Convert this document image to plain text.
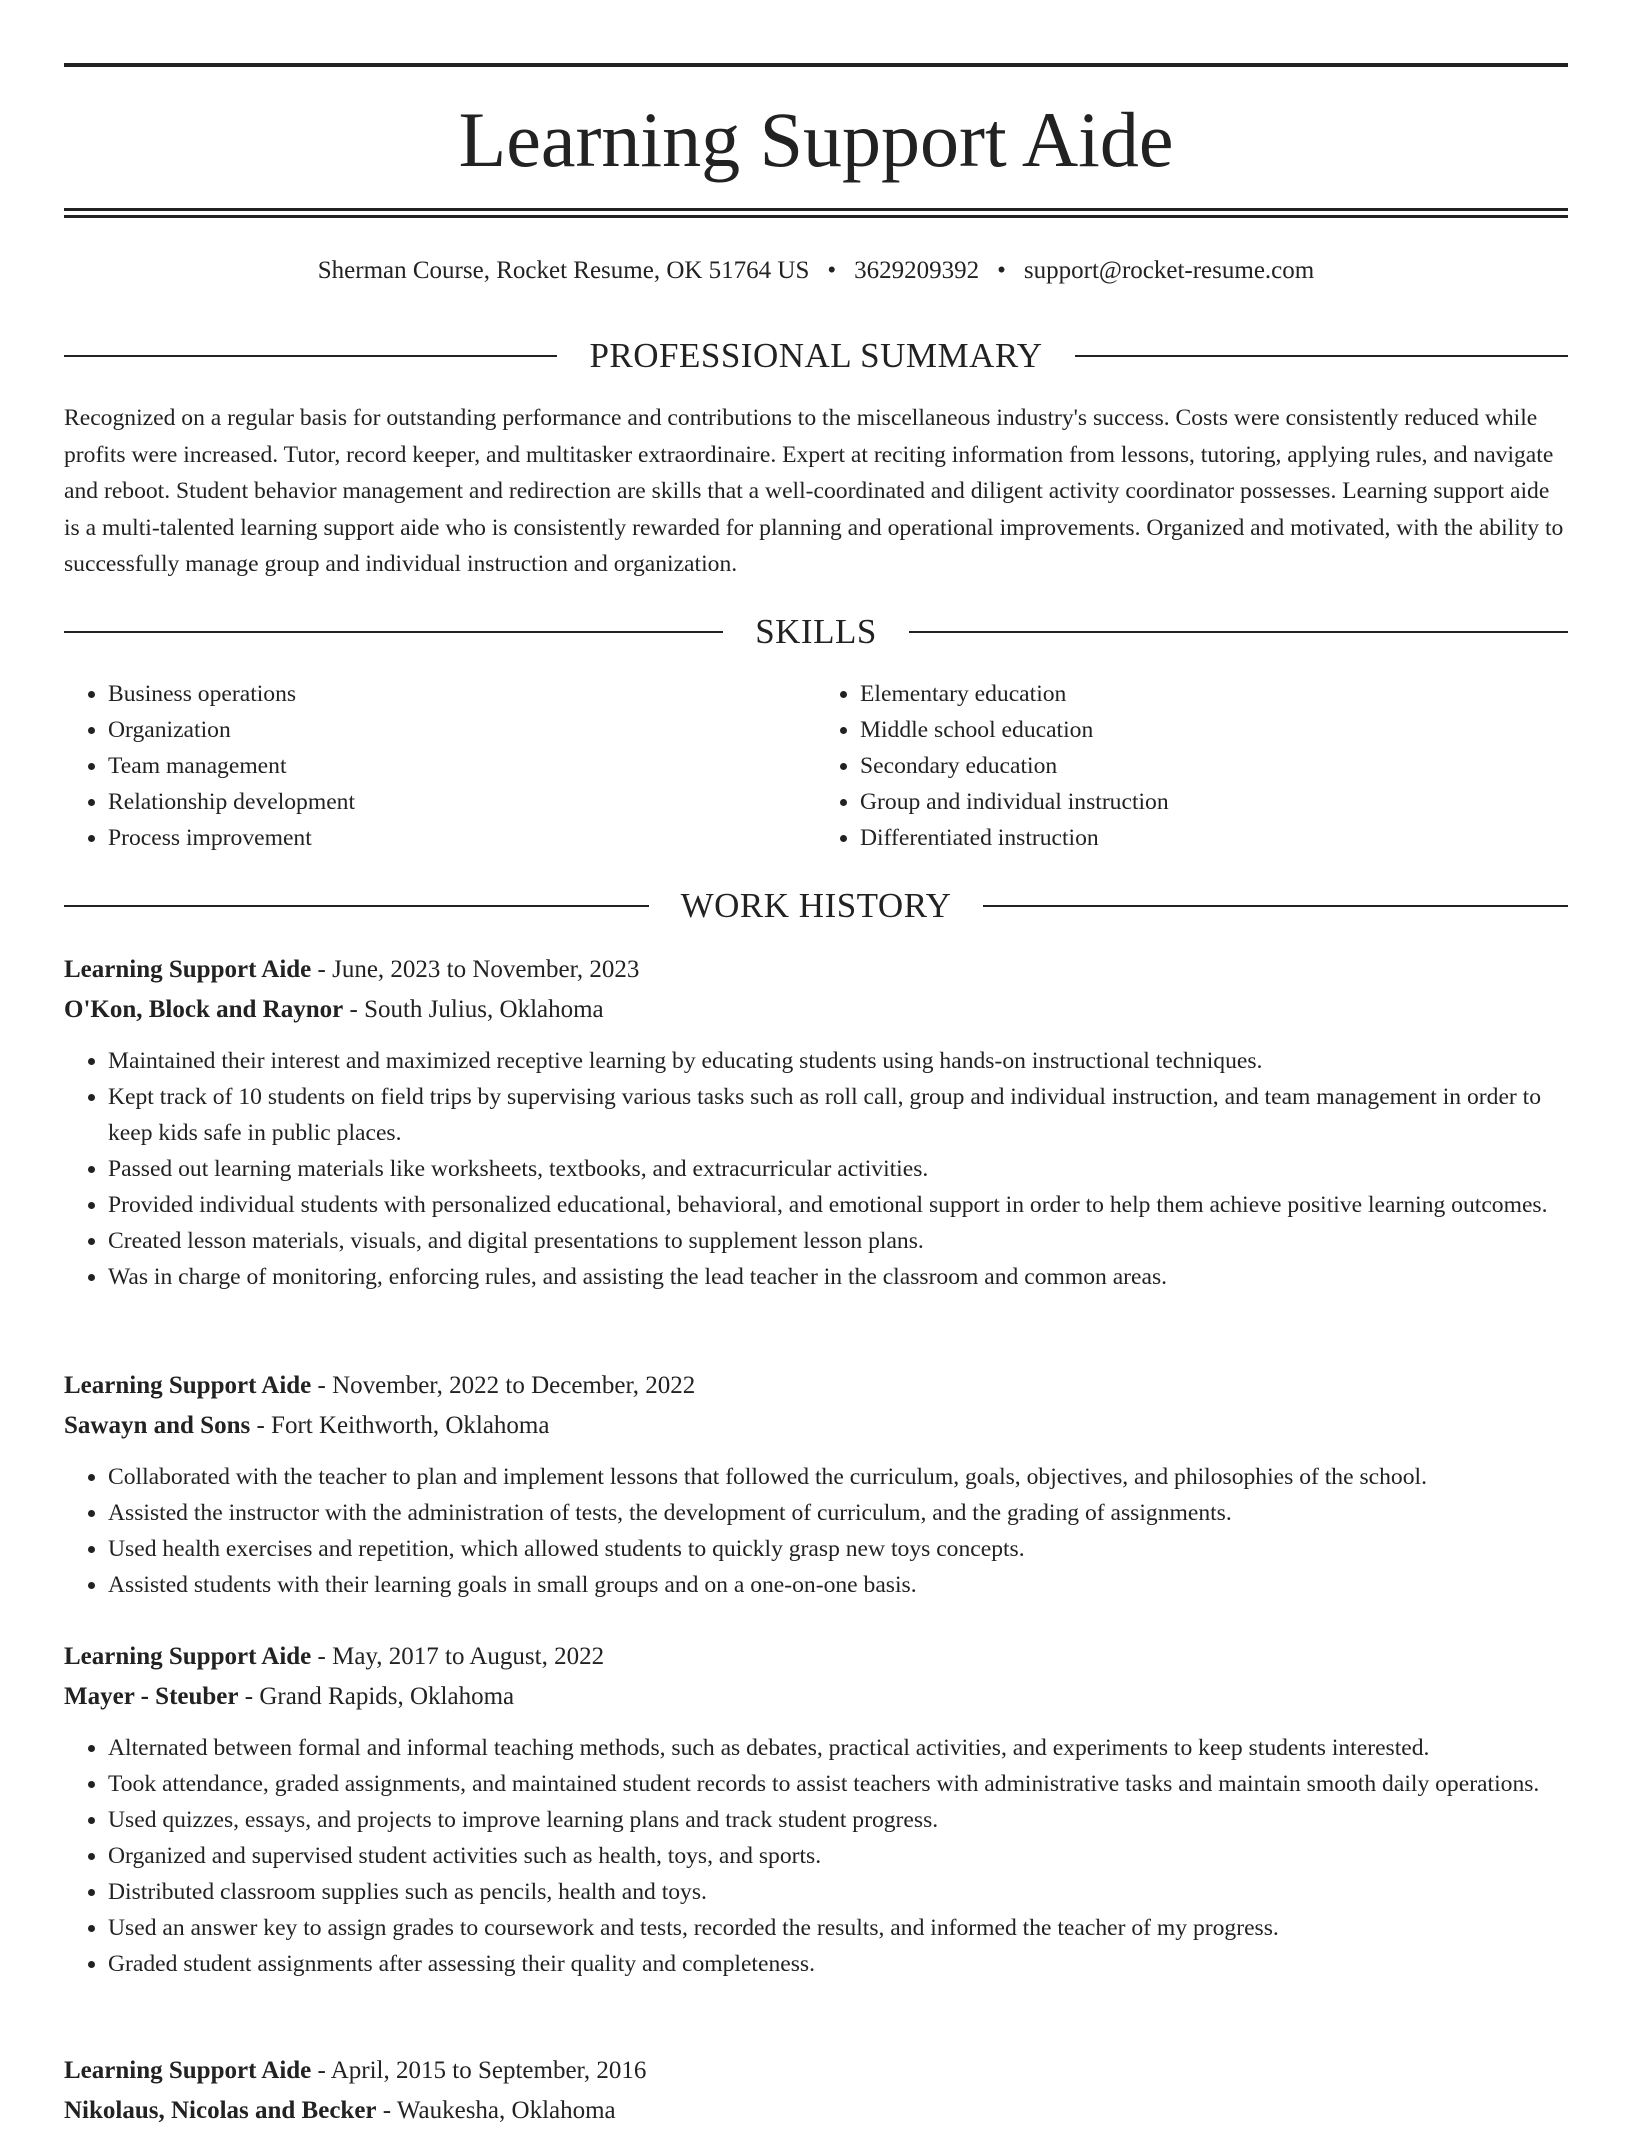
Learning Support Aide
Sherman Course, Rocket Resume, OK 51764 US • 3629209392 • support@rocket-resume.com
PROFESSIONAL SUMMARY

Recognized on a regular basis for outstanding performance and contributions to the miscellaneous industry's success. Costs were consistently reduced while profits were increased. Tutor, record keeper, and multitasker extraordinaire. Expert at reciting information from lessons, tutoring, applying rules, and navigate and reboot. Student behavior management and redirection are skills that a well-coordinated and diligent activity coordinator possesses. Learning support aide is a multi-talented learning support aide who is consistently rewarded for planning and operational improvements. Organized and motivated, with the ability to successfully manage group and individual instruction and organization.

SKILLS
• Business operations
• Organization
• Team management
• Relationship development
• Process improvement
• Elementary education
• Middle school education
• Secondary education
• Group and individual instruction
• Differentiated instruction
WORK HISTORY
Learning Support Aide - June, 2023 to November, 2023
O'Kon, Block and Raynor - South Julius, Oklahoma
• Maintained their interest and maximized receptive learning by educating students using hands-on instructional techniques.
• Kept track of 10 students on field trips by supervising various tasks such as roll call, group and individual instruction, and team management in order to keep kids safe in public places.
• Passed out learning materials like worksheets, textbooks, and extracurricular activities.
• Provided individual students with personalized educational, behavioral, and emotional support in order to help them achieve positive learning outcomes.
• Created lesson materials, visuals, and digital presentations to supplement lesson plans.
• Was in charge of monitoring, enforcing rules, and assisting the lead teacher in the classroom and common areas.
Learning Support Aide - November, 2022 to December, 2022
Sawayn and Sons - Fort Keithworth, Oklahoma
• Collaborated with the teacher to plan and implement lessons that followed the curriculum, goals, objectives, and philosophies of the school.
• Assisted the instructor with the administration of tests, the development of curriculum, and the grading of assignments.
• Used health exercises and repetition, which allowed students to quickly grasp new toys concepts.
• Assisted students with their learning goals in small groups and on a one-on-one basis.
Learning Support Aide - May, 2017 to August, 2022
Mayer - Steuber - Grand Rapids, Oklahoma
• Alternated between formal and informal teaching methods, such as debates, practical activities, and experiments to keep students interested.
• Took attendance, graded assignments, and maintained student records to assist teachers with administrative tasks and maintain smooth daily operations.
• Used quizzes, essays, and projects to improve learning plans and track student progress.
• Organized and supervised student activities such as health, toys, and sports.
• Distributed classroom supplies such as pencils, health and toys.
• Used an answer key to assign grades to coursework and tests, recorded the results, and informed the teacher of my progress.
• Graded student assignments after assessing their quality and completeness.
Learning Support Aide - April, 2015 to September, 2016
Nikolaus, Nicolas and Becker - Waukesha, Oklahoma
